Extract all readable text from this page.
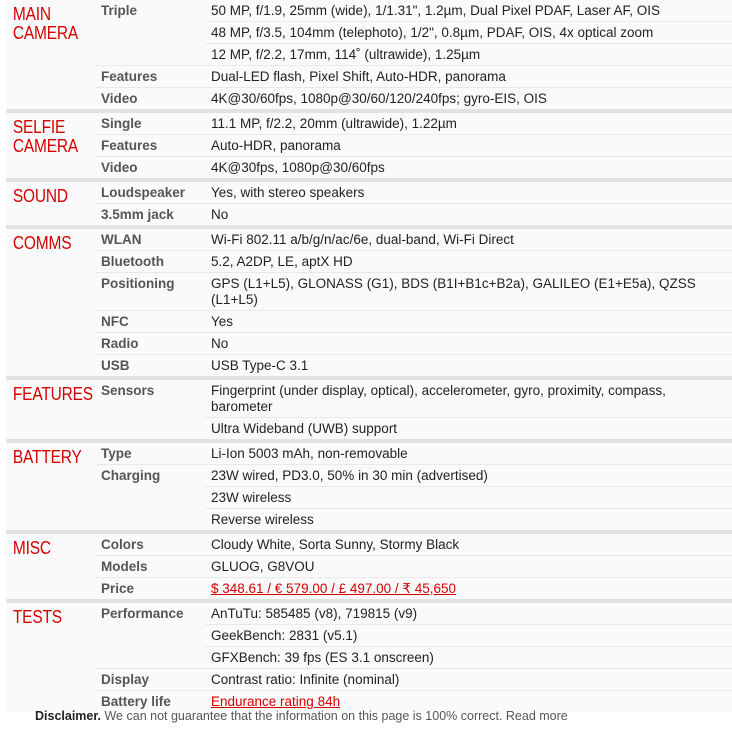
MAIN
CAMERA	Triple	50 MP, f/1.9, 25mm (wide), 1/1.31", 1.2µm, Dual Pixel PDAF, Laser AF, OIS
		48 MP, f/3.5, 104mm (telephoto), 1/2", 0.8µm, PDAF, OIS, 4x optical zoom
		12 MP, f/2.2, 17mm, 114˚ (ultrawide), 1.25µm
	Features	Dual-LED flash, Pixel Shift, Auto-HDR, panorama
	Video	4K@30/60fps, 1080p@30/60/120/240fps; gyro-EIS, OIS
SELFIE
CAMERA	Single	11.1 MP, f/2.2, 20mm (ultrawide), 1.22µm
	Features	Auto-HDR, panorama
	Video	4K@30fps, 1080p@30/60fps
SOUND	Loudspeaker	Yes, with stereo speakers
	3.5mm jack	No
COMMS	WLAN	Wi-Fi 802.11 a/b/g/n/ac/6e, dual-band, Wi-Fi Direct
	Bluetooth	5.2, A2DP, LE, aptX HD
	Positioning	GPS (L1+L5), GLONASS (G1), BDS (B1I+B1c+B2a), GALILEO (E1+E5a), QZSS (L1+L5)
	NFC	Yes
	Radio	No
	USB	USB Type-C 3.1
FEATURES	Sensors	Fingerprint (under display, optical), accelerometer, gyro, proximity, compass, barometer
		Ultra Wideband (UWB) support
BATTERY	Type	Li-Ion 5003 mAh, non-removable
	Charging	23W wired, PD3.0, 50% in 30 min (advertised)
		23W wireless
		Reverse wireless
MISC	Colors	Cloudy White, Sorta Sunny, Stormy Black
	Models	GLUOG, G8VOU
	Price	$ 348.61 / € 579.00 / £ 497.00 / ₹ 45,650
TESTS	Performance	AnTuTu: 585485 (v8), 719815 (v9)
		GeekBench: 2831 (v5.1)
		GFXBench: 39 fps (ES 3.1 onscreen)
	Display	Contrast ratio: Infinite (nominal)
	Battery life	Endurance rating 84h
Disclaimer. We can not guarantee that the information on this page is 100% correct. Read more
